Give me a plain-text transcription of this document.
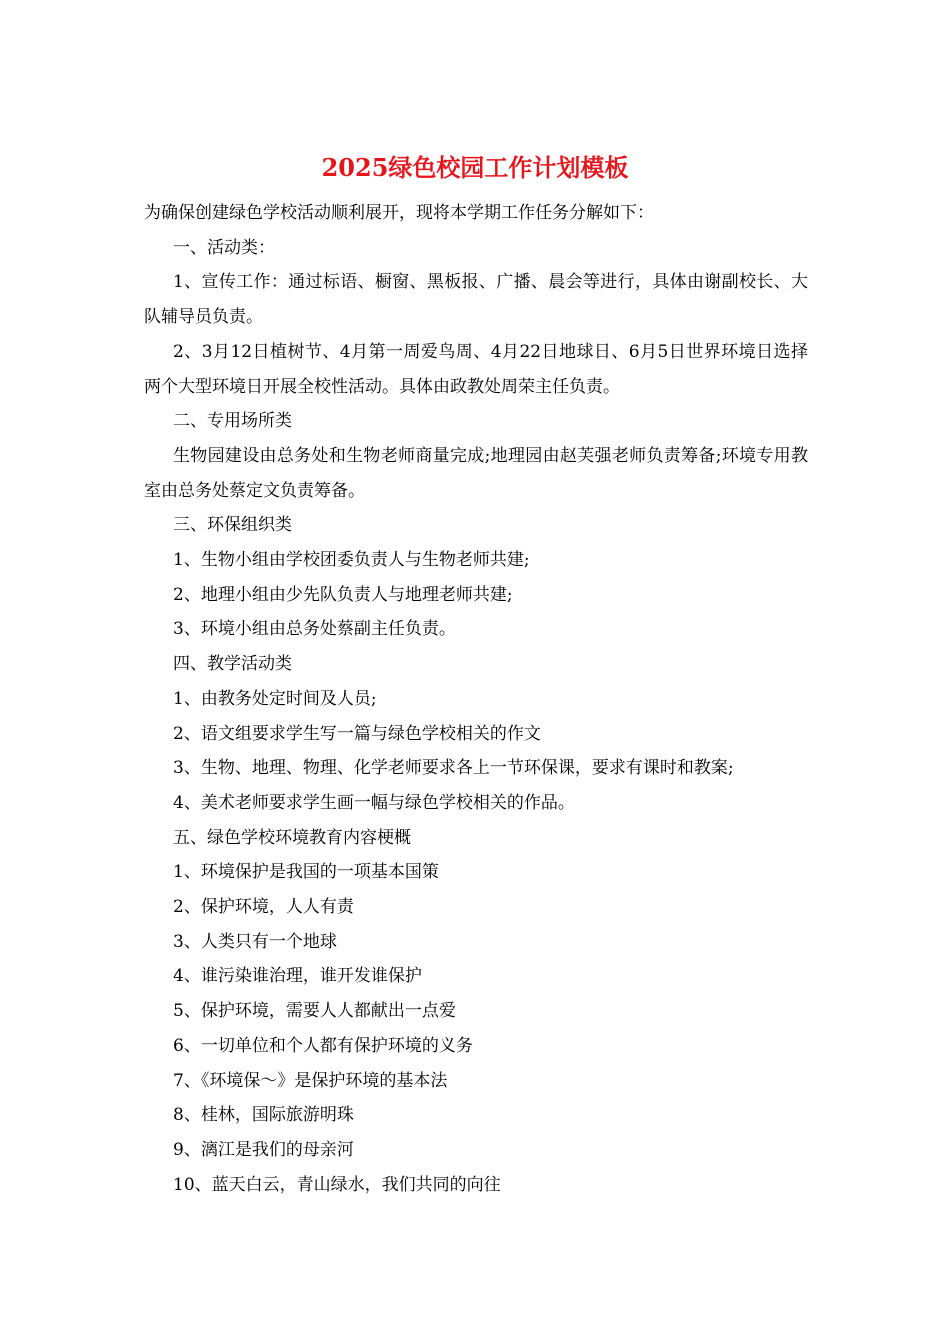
2025绿色校园工作计划模板

为确保创建绿色学校活动顺利展开，现将本学期工作任务分解如下：

一、活动类：

1、宣传工作：通过标语、橱窗、黑板报、广播、晨会等进行，具体由谢副校长、大队辅导员负责。

2、3月12日植树节、4月第一周爱鸟周、4月22日地球日、6月5日世界环境日选择两个大型环境日开展全校性活动。具体由政教处周荣主任负责。

二、专用场所类

生物园建设由总务处和生物老师商量完成;地理园由赵芙强老师负责筹备;环境专用教室由总务处蔡定文负责筹备。

三、环保组织类

1、生物小组由学校团委负责人与生物老师共建;

2、地理小组由少先队负责人与地理老师共建;

3、环境小组由总务处蔡副主任负责。

四、教学活动类

1、由教务处定时间及人员;

2、语文组要求学生写一篇与绿色学校相关的作文

3、生物、地理、物理、化学老师要求各上一节环保课，要求有课时和教案;

4、美术老师要求学生画一幅与绿色学校相关的作品。

五、绿色学校环境教育内容梗概

1、环境保护是我国的一项基本国策

2、保护环境，人人有责

3、人类只有一个地球

4、谁污染谁治理，谁开发谁保护

5、保护环境，需要人人都献出一点爱

6、一切单位和个人都有保护环境的义务

7、《环境保～》是保护环境的基本法

8、桂林，国际旅游明珠

9、漓江是我们的母亲河

10、蓝天白云，青山绿水，我们共同的向往
